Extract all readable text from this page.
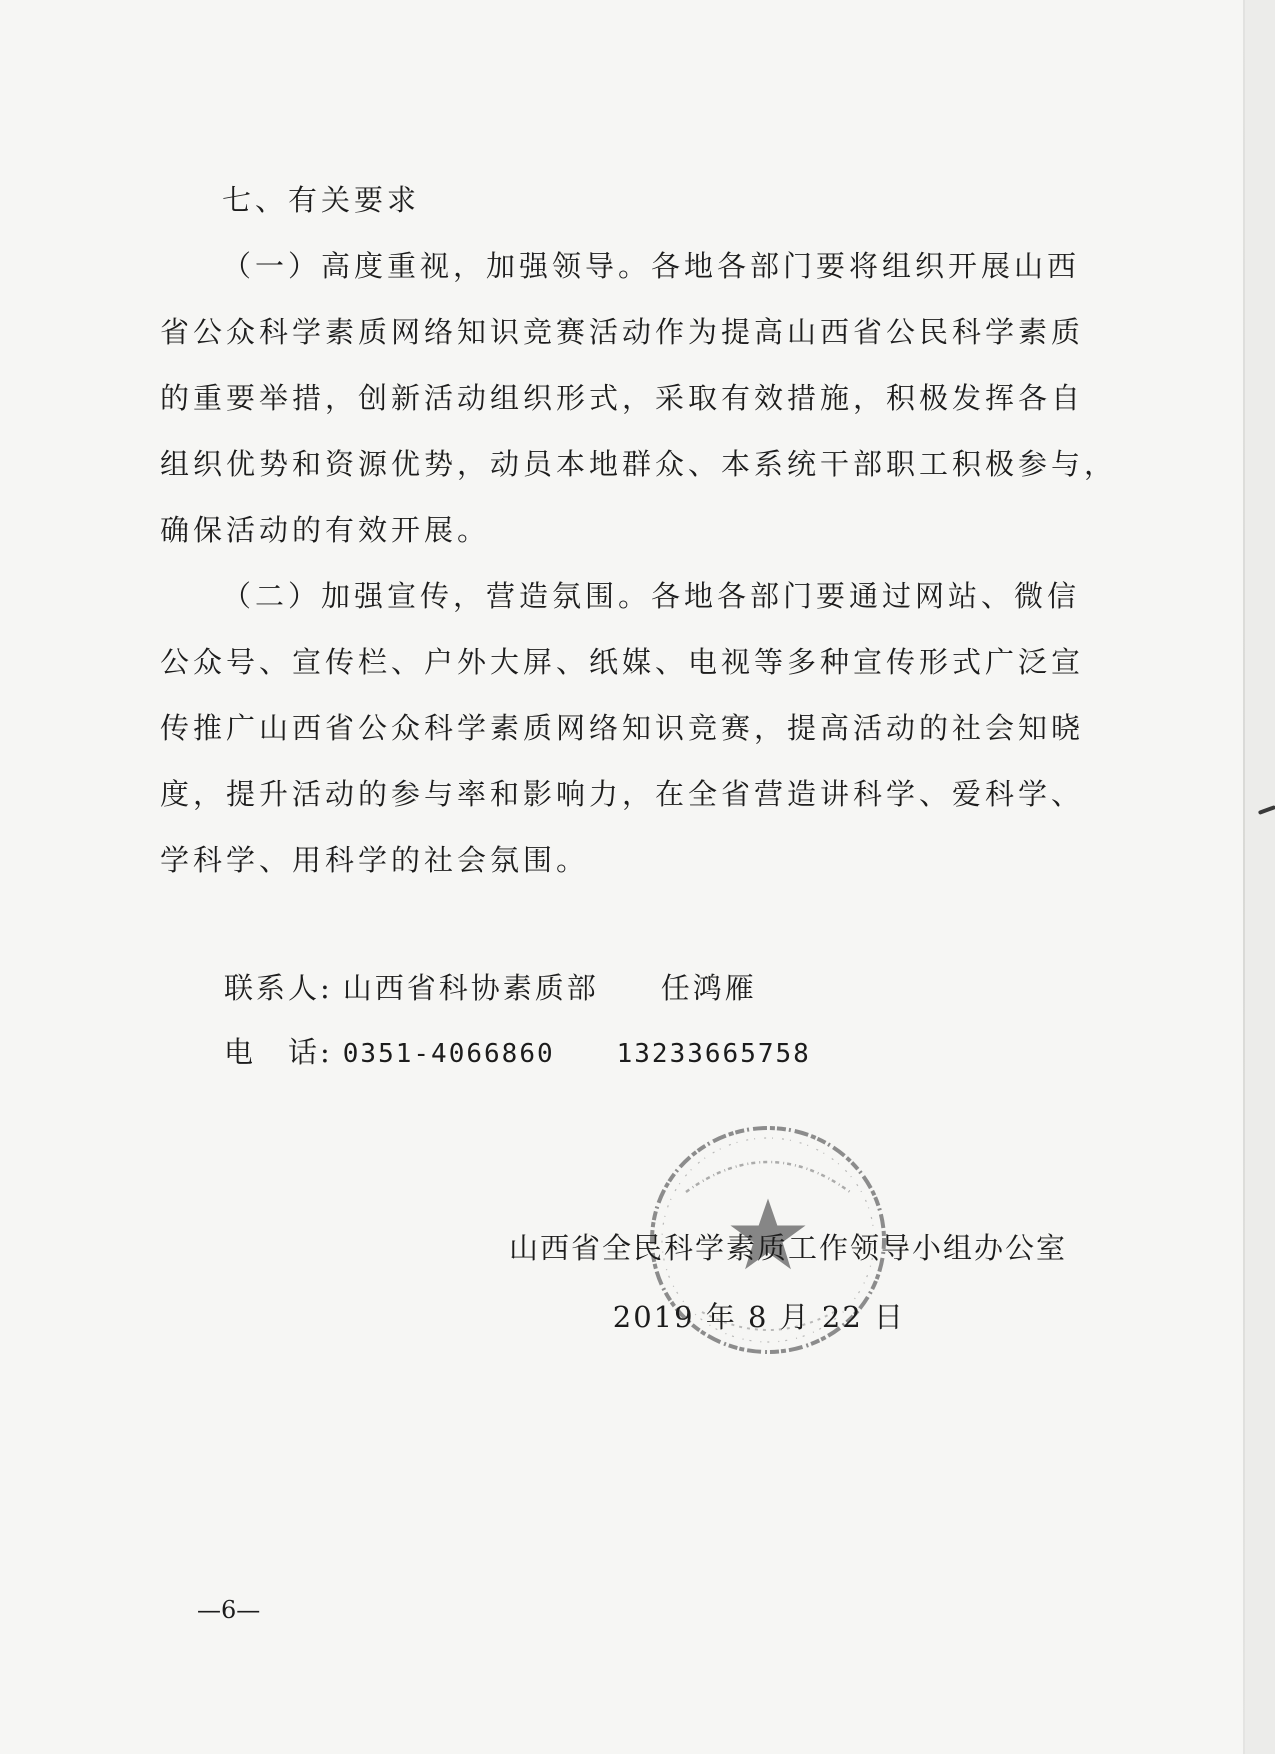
七、有关要求
（一）高度重视，加强领导。各地各部门要将组织开展山西
省公众科学素质网络知识竞赛活动作为提高山西省公民科学素质
的重要举措，创新活动组织形式，采取有效措施，积极发挥各自
组织优势和资源优势，动员本地群众、本系统干部职工积极参与，
确保活动的有效开展。
（二）加强宣传，营造氛围。各地各部门要通过网站、微信
公众号、宣传栏、户外大屏、纸媒、电视等多种宣传形式广泛宣
传推广山西省公众科学素质网络知识竞赛，提高活动的社会知晓
度，提升活动的参与率和影响力，在全省营造讲科学、爱科学、
学科学、用科学的社会氛围。
联系人: 山西省科协素质部 任鸿雁
电　话: 0351-4066860 13233665758
山西省全民科学素质工作领导小组办公室
2019 年 8 月 22 日
—6—
